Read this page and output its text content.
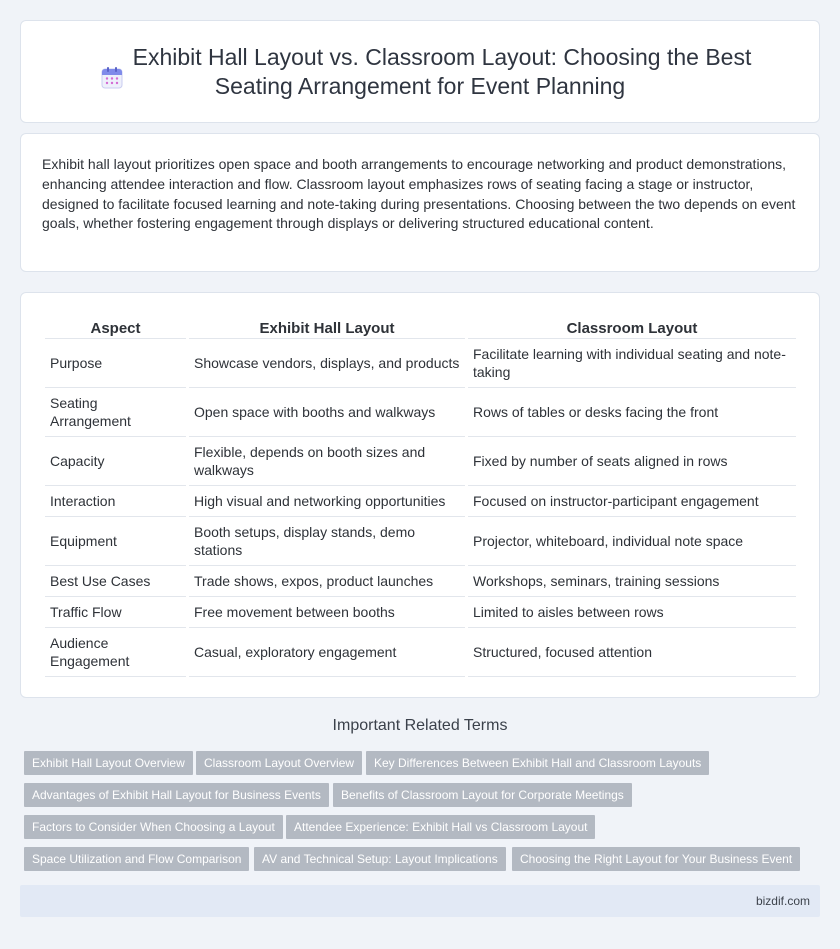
Exhibit Hall Layout vs. Classroom Layout: Choosing the Best
Seating Arrangement for Event Planning

Exhibit hall layout prioritizes open space and booth arrangements to encourage networking and product demonstrations, enhancing attendee interaction and flow. Classroom layout emphasizes rows of seating facing a stage or instructor, designed to facilitate focused learning and note-taking during presentations. Choosing between the two depends on event goals, whether fostering engagement through displays or delivering structured educational content.

Aspect	Exhibit Hall Layout	Classroom Layout
Purpose	Showcase vendors, displays, and products	Facilitate learning with individual seating and note-taking
Seating Arrangement	Open space with booths and walkways	Rows of tables or desks facing the front
Capacity	Flexible, depends on booth sizes and walkways	Fixed by number of seats aligned in rows
Interaction	High visual and networking opportunities	Focused on instructor-participant engagement
Equipment	Booth setups, display stands, demo stations	Projector, whiteboard, individual note space
Best Use Cases	Trade shows, expos, product launches	Workshops, seminars, training sessions
Traffic Flow	Free movement between booths	Limited to aisles between rows
Audience Engagement	Casual, exploratory engagement	Structured, focused attention
Important Related Terms
Exhibit Hall Layout Overview	Classroom Layout Overview	Key Differences Between Exhibit Hall and Classroom Layouts
Advantages of Exhibit Hall Layout for Business Events	Benefits of Classroom Layout for Corporate Meetings
Factors to Consider When Choosing a Layout	Attendee Experience: Exhibit Hall vs Classroom Layout
Space Utilization and Flow Comparison	AV and Technical Setup: Layout Implications	Choosing the Right Layout for Your Business Event
bizdif.com
